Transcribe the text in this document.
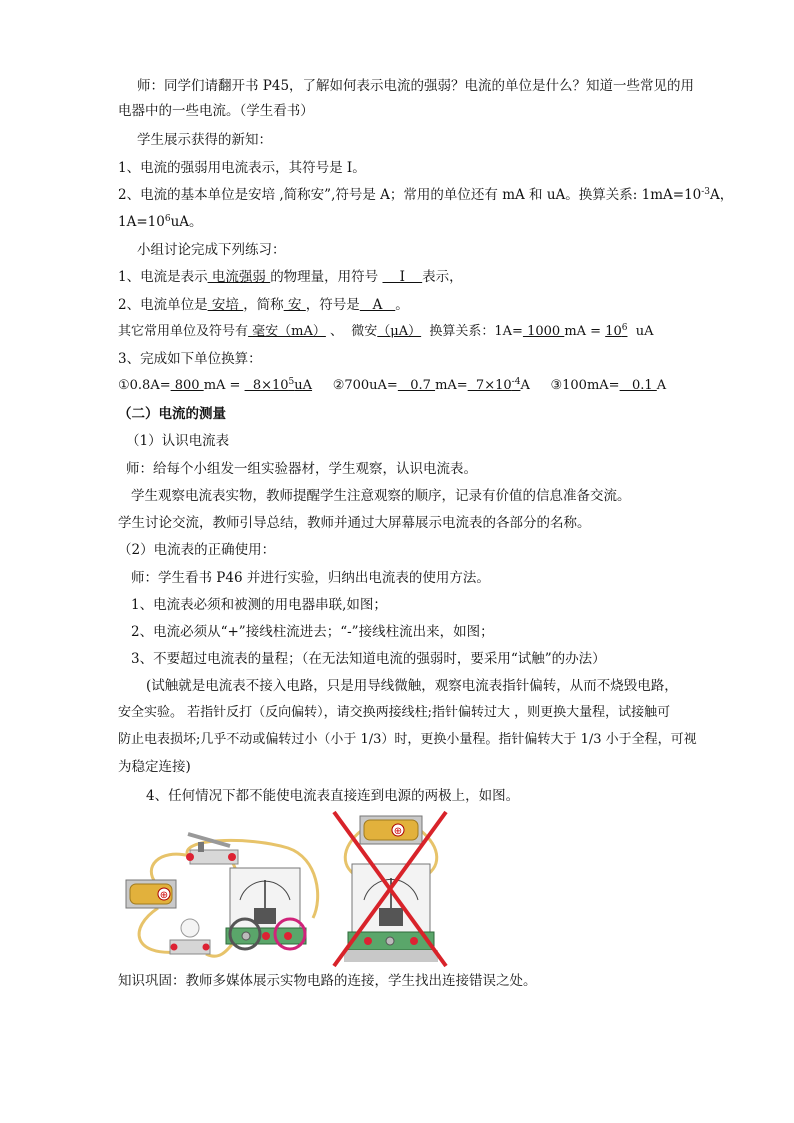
师：同学们请翻开书 P45，了解如何表示电流的强弱？电流的单位是什么？知道一些常见的用
电器中的一些电流。（学生看书）
学生展示获得的新知：
1、电流的强弱用电流表示，其符号是 I。
2、电流的基本单位是安培 ,简称安”,符号是 A；常用的单位还有 mA 和 uA。换算关系: $1mA=10^{-3}A$，
$1A=10^6uA$。
小组讨论完成下列练习：
1、电流是表示 电流强弱 的物理量，用符号     I    表示，
2、电流单位是 安培 ，简称 安 ，符号是   A   。
其它常用单位及符号有 毫安（mA） 、  微安（μA）  换算关系：1A= 1000 mA = $10^6$  uA
3、完成如下单位换算：
①0.8A= 800 mA =   $8\times 10^5uA$     ②700uA=   0.7 $mA= 7\times 10^{-4}A$     ③100mA=   0.1 A
（二）电流的测量
（1）认识电流表
师：给每个小组发一组实验器材，学生观察，认识电流表。
学生观察电流表实物，教师提醒学生注意观察的顺序，记录有价值的信息准备交流。
学生讨论交流，教师引导总结，教师并通过大屏幕展示电流表的各部分的名称。
（2）电流表的正确使用：
师：学生看书 P46 并进行实验，归纳出电流表的使用方法。
1、电流表必须和被测的用电器串联,如图；
2、电流必须从“+”接线柱流进去；“-”接线柱流出来，如图；
3、不要超过电流表的量程；（在无法知道电流的强弱时，要采用“试触”的办法）
(试触就是电流表不接入电路，只是用导线微触，观察电流表指针偏转，从而不烧毁电路，
安全实验。 若指针反打（反向偏转），请交换两接线柱;指针偏转过大 ，则更换大量程，试接触可
防止电表损坏;几乎不动或偏转过小（小于 1/3）时，更换小量程。指针偏转大于 1/3 小于全程，可视
为稳定连接)
4、任何情况下都不能使电流表直接连到电源的两极上，如图。
⊕
⊕
知识巩固：教师多媒体展示实物电路的连接，学生找出连接错误之处。
